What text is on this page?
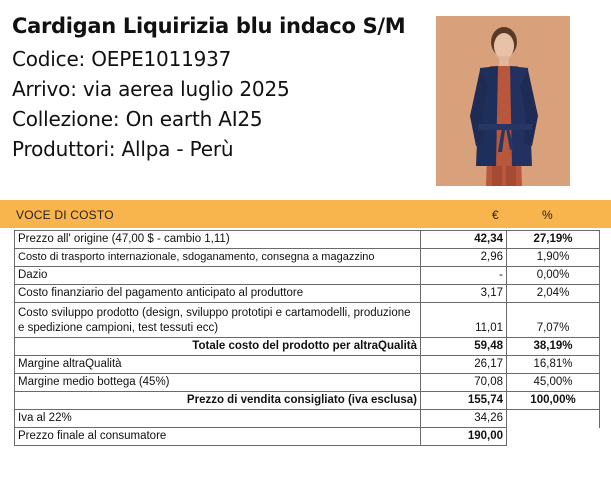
Cardigan Liquirizia blu indaco S/M
Codice: OEPE1011937
Arrivo: via aerea luglio 2025
Collezione: On earth AI25
Produttori: Allpa - Perù
VOCE DI COSTO	€	%
Prezzo all' origine (47,00 $ - cambio 1,11)	42,34	27,19%
Costo di trasporto internazionale, sdoganamento, consegna a magazzino	2,96	1,90%
Dazio	-	0,00%
Costo finanziario del pagamento anticipato al produttore	3,17	2,04%
Costo sviluppo prodotto (design, sviluppo prototipi e cartamodelli, produzione e spedizione campioni, test tessuti ecc)	11,01	7,07%
Totale costo del prodotto per altraQualità	59,48	38,19%
Margine altraQualità	26,17	16,81%
Margine medio bottega (45%)	70,08	45,00%
Prezzo di vendita consigliato (iva esclusa)	155,74	100,00%
Iva al 22%	34,26	
Prezzo finale al consumatore	190,00	
